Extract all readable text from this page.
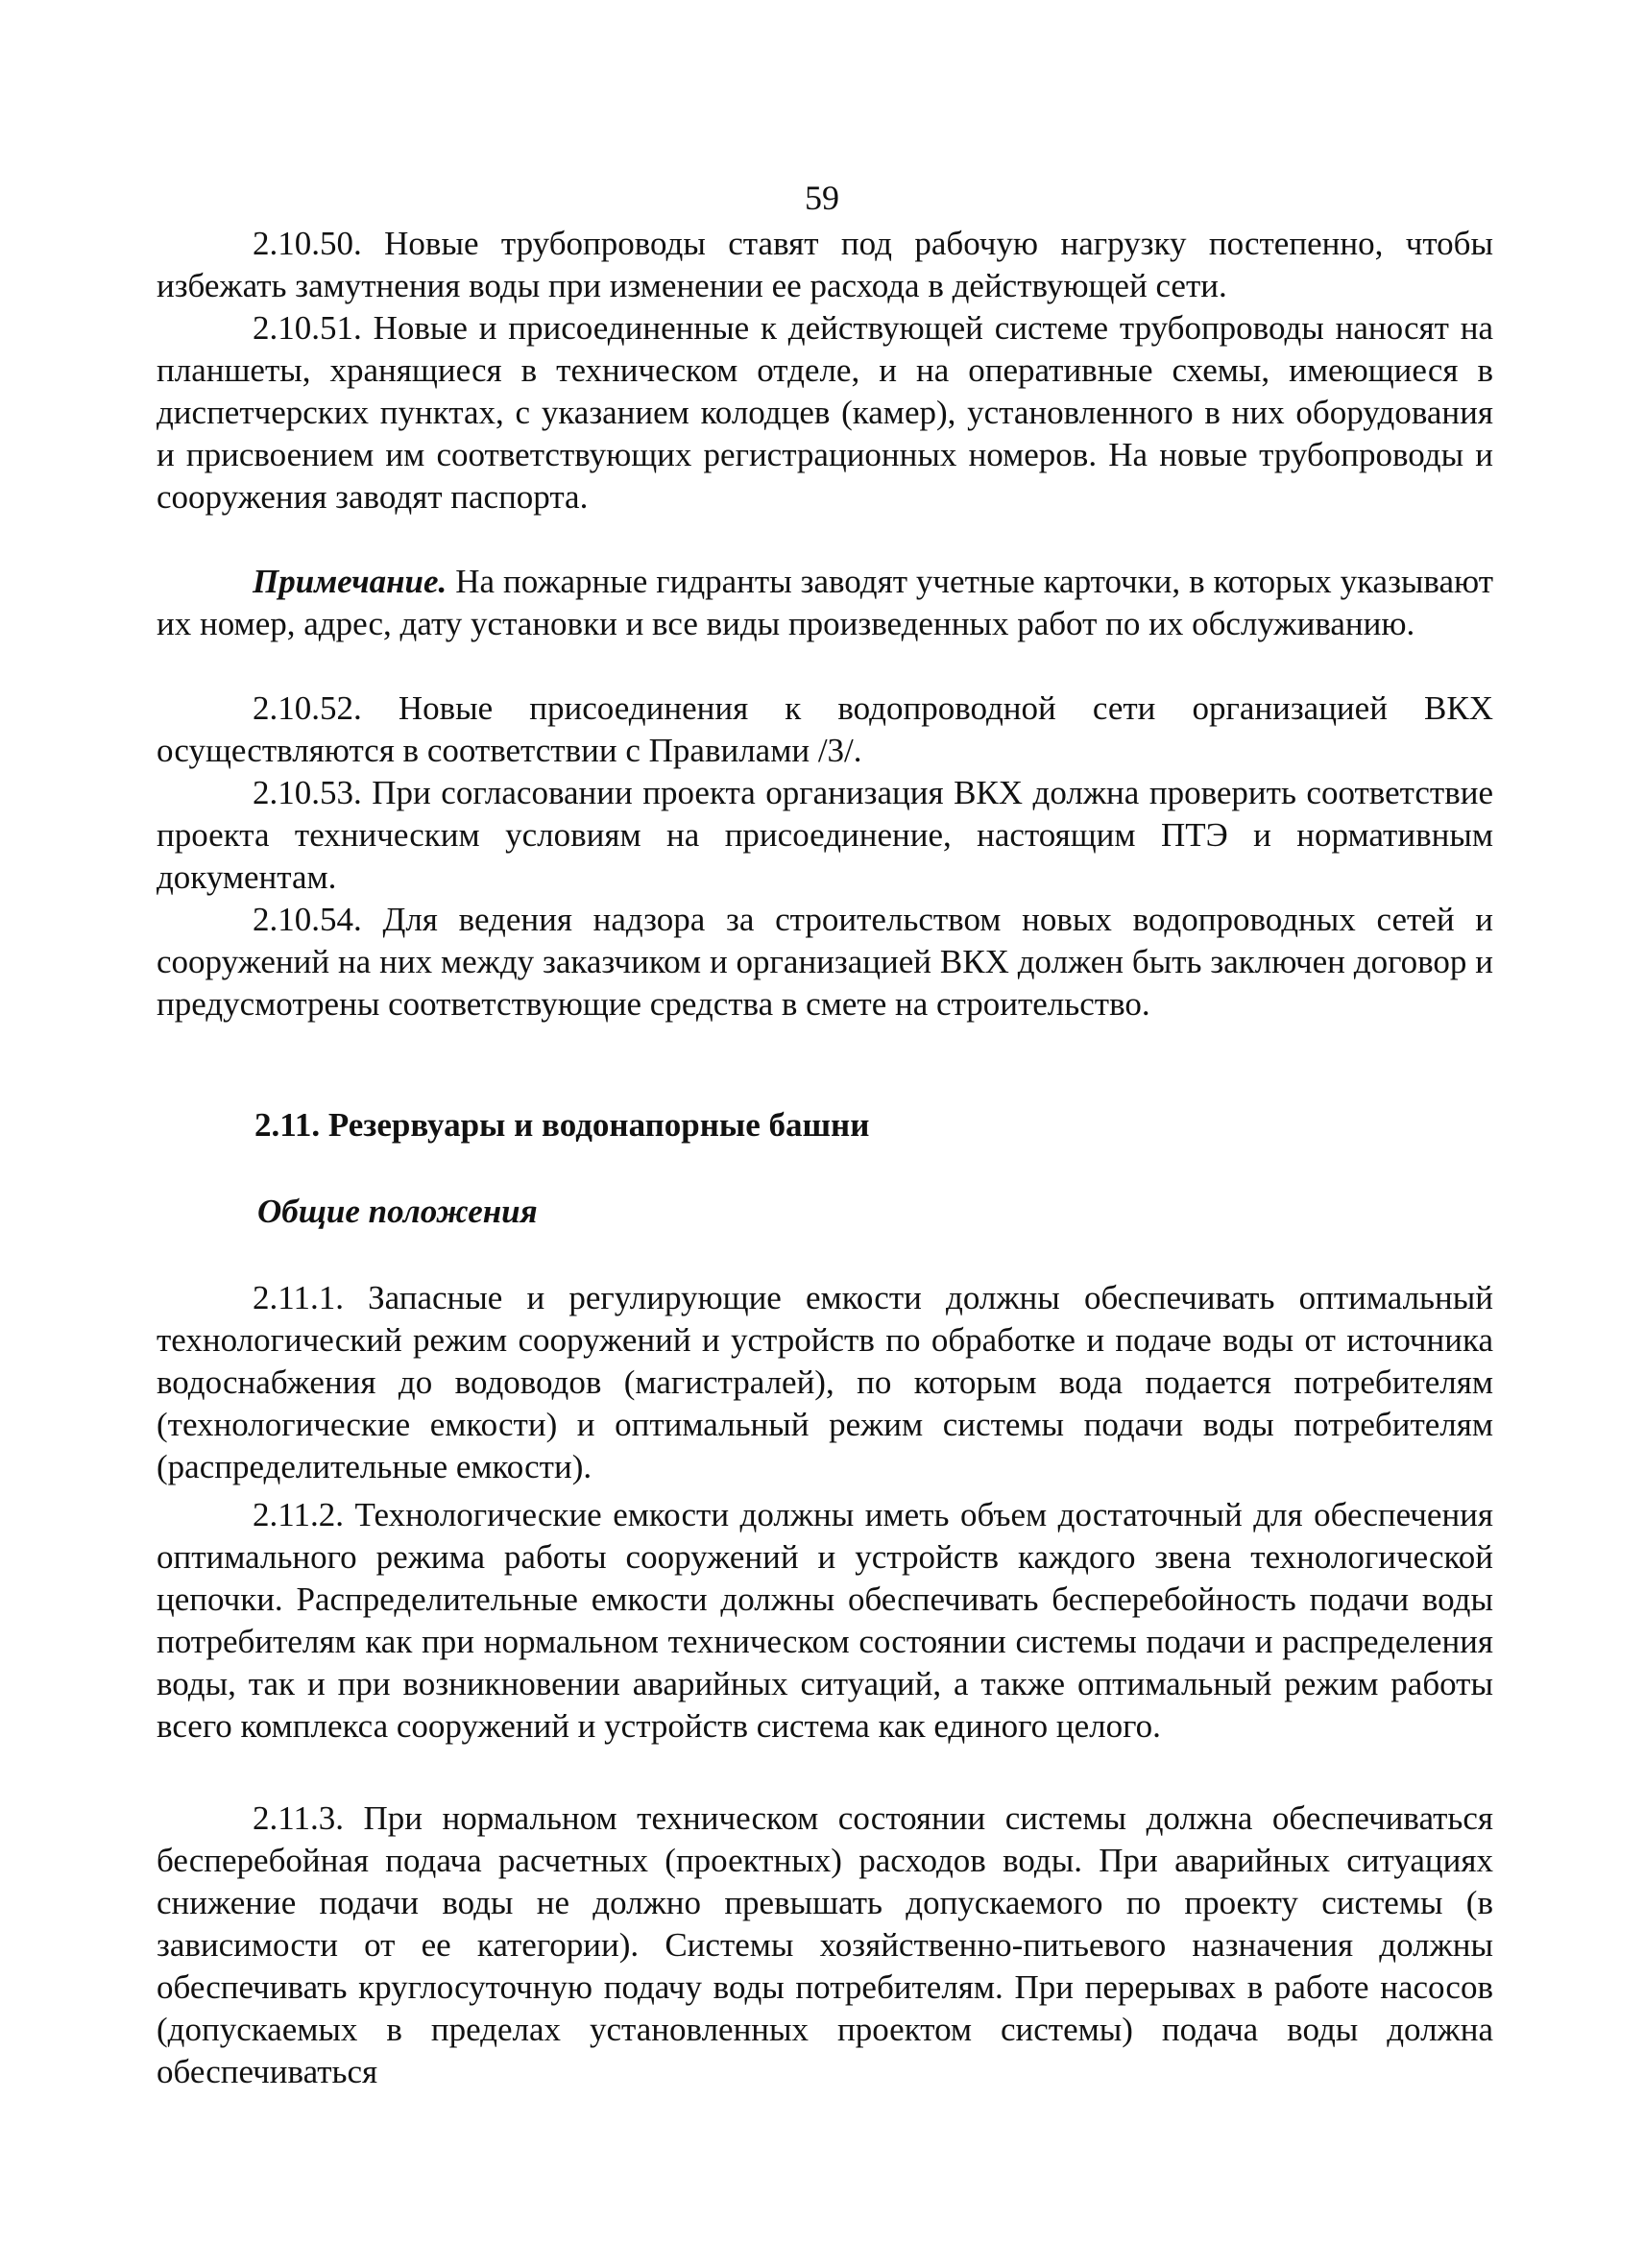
59

2.10.50. Новые трубопроводы ставят под рабочую нагрузку постепенно, чтобы избежать замутнения воды при изменении ее расхода в действующей сети.

2.10.51. Новые и присоединенные к действующей системе трубопроводы наносят на планшеты, хранящиеся в техническом отделе, и на оперативные схемы, имеющиеся в диспетчерских пунктах, с указанием колодцев (камер), установленного в них оборудования и присвоением им соответствующих регистрационных номеров. На новые трубопроводы и сооружения заводят паспорта.

Примечание. На пожарные гидранты заводят учетные карточки, в которых указывают их номер, адрес, дату установки и все виды произведенных работ по их обслуживанию.

2.10.52. Новые присоединения к водопроводной сети организацией ВКХ осуществляются в соответствии с Правилами /3/.

2.10.53. При согласовании проекта организация ВКХ должна проверить соответствие проекта техническим условиям на присоединение, настоящим ПТЭ и нормативным документам.

2.10.54. Для ведения надзора за строительством новых водопроводных сетей и сооружений на них между заказчиком и организацией ВКХ должен быть заключен договор и предусмотрены соответствующие средства в смете на строительство.

2.11. Резервуары и водонапорные башни
Общие положения

2.11.1. Запасные и регулирующие емкости должны обеспечивать оптимальный технологический режим сооружений и устройств по обработке и подаче воды от источника водоснабжения до водоводов (магистралей), по которым вода подается потребителям (технологические емкости) и оптимальный режим системы подачи воды потребителям (распределительные емкости).

2.11.2. Технологические емкости должны иметь объем достаточный для обеспечения оптимального режима работы сооружений и устройств каждого звена технологической цепочки. Распределительные емкости должны обеспечивать бесперебойность подачи воды потребителям как при нормальном техническом состоянии системы подачи и распределения воды, так и при возникновении аварийных ситуаций, а также оптимальный режим работы всего комплекса сооружений и устройств система как единого целого.

2.11.3. При нормальном техническом состоянии системы должна обеспечиваться бесперебойная подача расчетных (проектных) расходов воды. При аварийных ситуациях снижение подачи воды не должно превышать допускаемого по проекту системы (в зависимости от ее категории). Системы хозяйственно-питьевого назначения должны обеспечивать круглосуточную подачу воды потребителям. При перерывах в работе насосов (допускаемых в пределах установленных проектом системы) подача воды должна обеспечиваться
